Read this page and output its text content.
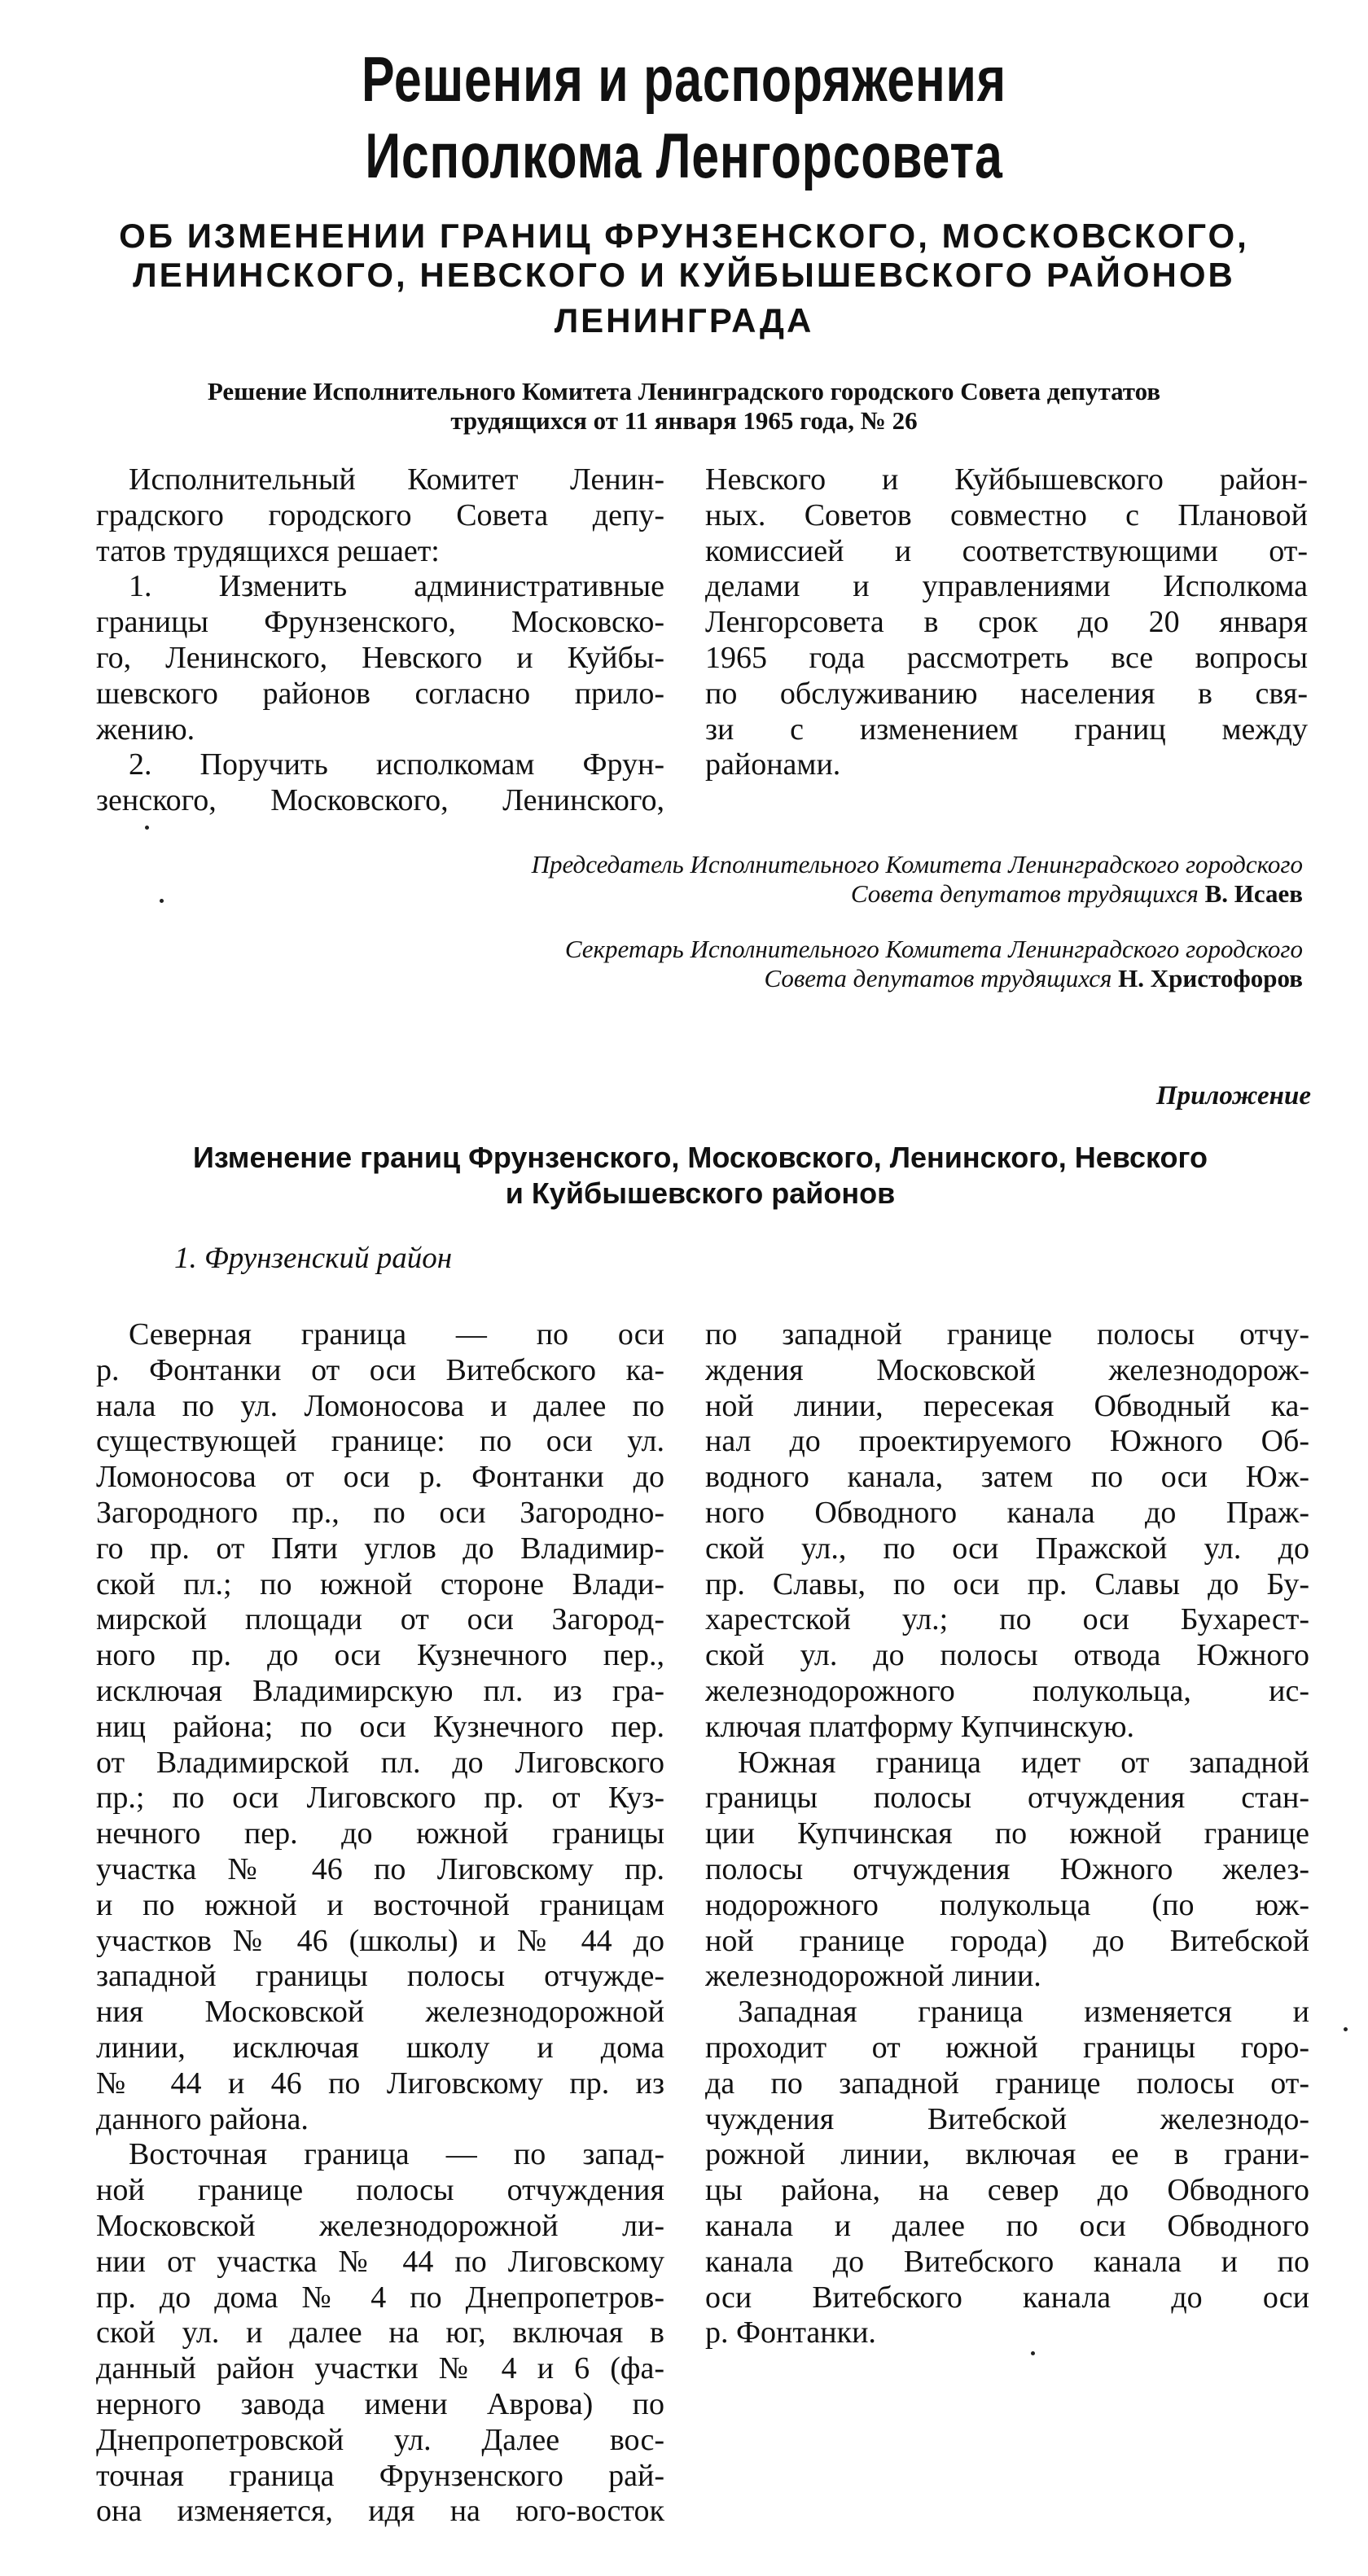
Решения и распоряжения
Исполкома Ленгорсовета
ОБ ИЗМЕНЕНИИ ГРАНИЦ ФРУНЗЕНСКОГО, МОСКОВСКОГО,
ЛЕНИНСКОГО, НЕВСКОГО И КУЙБЫШЕВСКОГО РАЙОНОВ
ЛЕНИНГРАДА
Решение Исполнительного Комитета Ленинградского городского Совета депутатов
трудящихся от 11 января 1965 года, № 26
Исполнительный Комитет Ленин-
градского городского Совета депу-
татов трудящихся решает:
1. Изменить административные
границы Фрунзенского, Московско-
го, Ленинского, Невского и Куйбы-
шевского районов согласно прило-
жению.
2. Поручить исполкомам Фрун-
зенского, Московского, Ленинского,
Невского и Куйбышевского район-
ных. Советов совместно с Плановой
комиссией и соответствующими от-
делами и управлениями Исполкома
Ленгорсовета в срок до 20 января
1965 года рассмотреть все вопросы
по обслуживанию населения в свя-
зи с изменением границ между
районами.
Председатель Исполнительного Комитета Ленинградского городского
Совета депутатов трудящихся В. Исаев
Секретарь Исполнительного Комитета Ленинградского городского
Совета депутатов трудящихся Н. Христофоров
Приложение
Изменение границ Фрунзенского, Московского, Ленинского, Невского
и Куйбышевского районов
1. Фрунзенский район
Северная граница — по оси
р. Фонтанки от оси Витебского ка-
нала по ул. Ломоносова и далее по
существующей границе: по оси ул.
Ломоносова от оси р. Фонтанки до
Загородного пр., по оси Загородно-
го пр. от Пяти углов до Владимир-
ской пл.; по южной стороне Влади-
мирской площади от оси Загород-
ного пр. до оси Кузнечного пер.,
исключая Владимирскую пл. из гра-
ниц района; по оси Кузнечного пер.
от Владимирской пл. до Лиговского
пр.; по оси Лиговского пр. от Куз-
нечного пер. до южной границы
участка № 46 по Лиговскому пр.
и по южной и восточной границам
участков № 46 (школы) и № 44 до
западной границы полосы отчужде-
ния Московской железнодорожной
линии, исключая школу и дома
№ 44 и 46 по Лиговскому пр. из
данного района.
Восточная граница — по запад-
ной границе полосы отчуждения
Московской железнодорожной ли-
нии от участка № 44 по Лиговскому
пр. до дома № 4 по Днепропетров-
ской ул. и далее на юг, включая в
данный район участки № 4 и 6 (фа-
нерного завода имени Аврова) по
Днепропетровской ул. Далее вос-
точная граница Фрунзенского рай-
она изменяется, идя на юго-восток
по западной границе полосы отчу-
ждения Московской железнодорож-
ной линии, пересекая Обводный ка-
нал до проектируемого Южного Об-
водного канала, затем по оси Юж-
ного Обводного канала до Праж-
ской ул., по оси Пражской ул. до
пр. Славы, по оси пр. Славы до Бу-
харестской ул.; по оси Бухарест-
ской ул. до полосы отвода Южного
железнодорожного полукольца, ис-
ключая платформу Купчинскую.
Южная граница идет от западной
границы полосы отчуждения стан-
ции Купчинская по южной границе
полосы отчуждения Южного желез-
нодорожного полукольца (по юж-
ной границе города) до Витебской
железнодорожной линии.
Западная граница изменяется и
проходит от южной границы горо-
да по западной границе полосы от-
чуждения Витебской железнодо-
рожной линии, включая ее в грани-
цы района, на север до Обводного
канала и далее по оси Обводного
канала до Витебского канала и по
оси Витебского канала до оси
р. Фонтанки.
